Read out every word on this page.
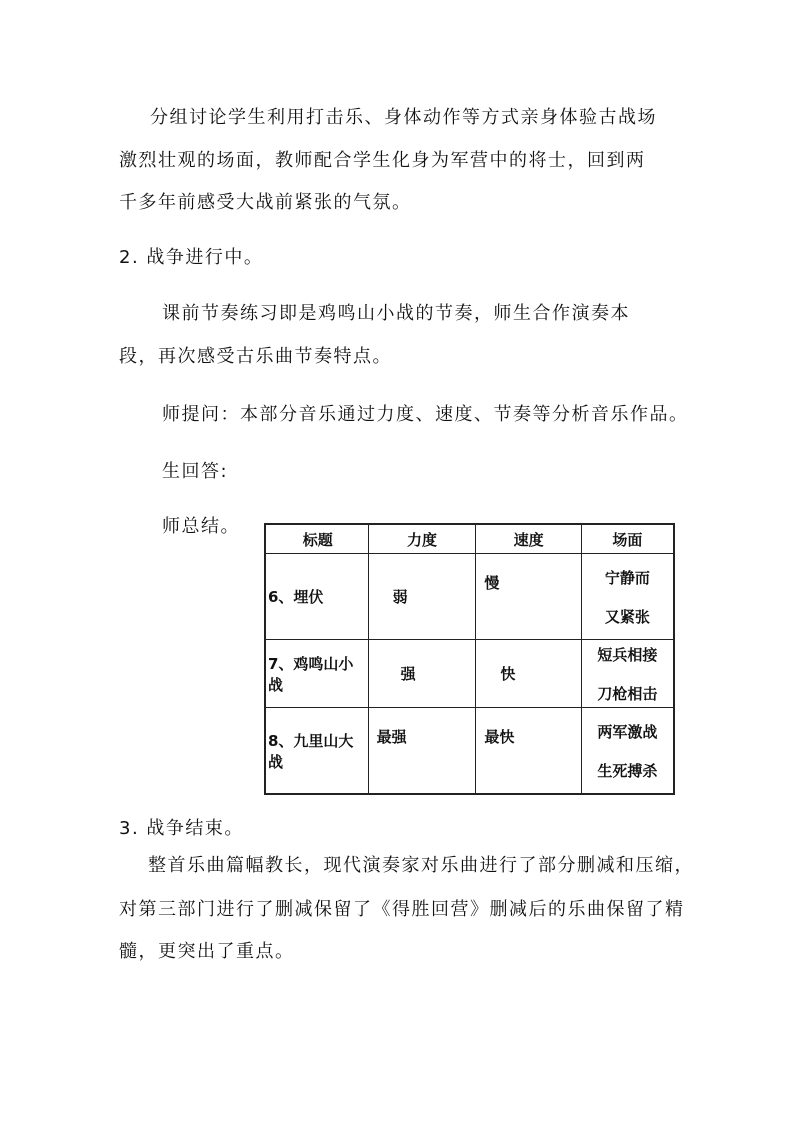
分组讨论学生利用打击乐、身体动作等方式亲身体验古战场
激烈壮观的场面，教师配合学生化身为军营中的将士，回到两
千多年前感受大战前紧张的气氛。
2. 战争进行中。
课前节奏练习即是鸡鸣山小战的节奏，师生合作演奏本
段，再次感受古乐曲节奏特点。
师提问：本部分音乐通过力度、速度、节奏等分析音乐作品。
生回答:
师总结。
标题	力度	速度	场面
6、埋伏	弱	慢	宁静而
又紧张

7、鸡鸣山小战	强	快	短兵相接
刀枪相击

8、九里山大战	最强	最快	两军激战
生死搏杀
3. 战争结束。
整首乐曲篇幅教长，现代演奏家对乐曲进行了部分删减和压缩，
对第三部门进行了删减保留了《得胜回营》删减后的乐曲保留了精
髓，更突出了重点。
